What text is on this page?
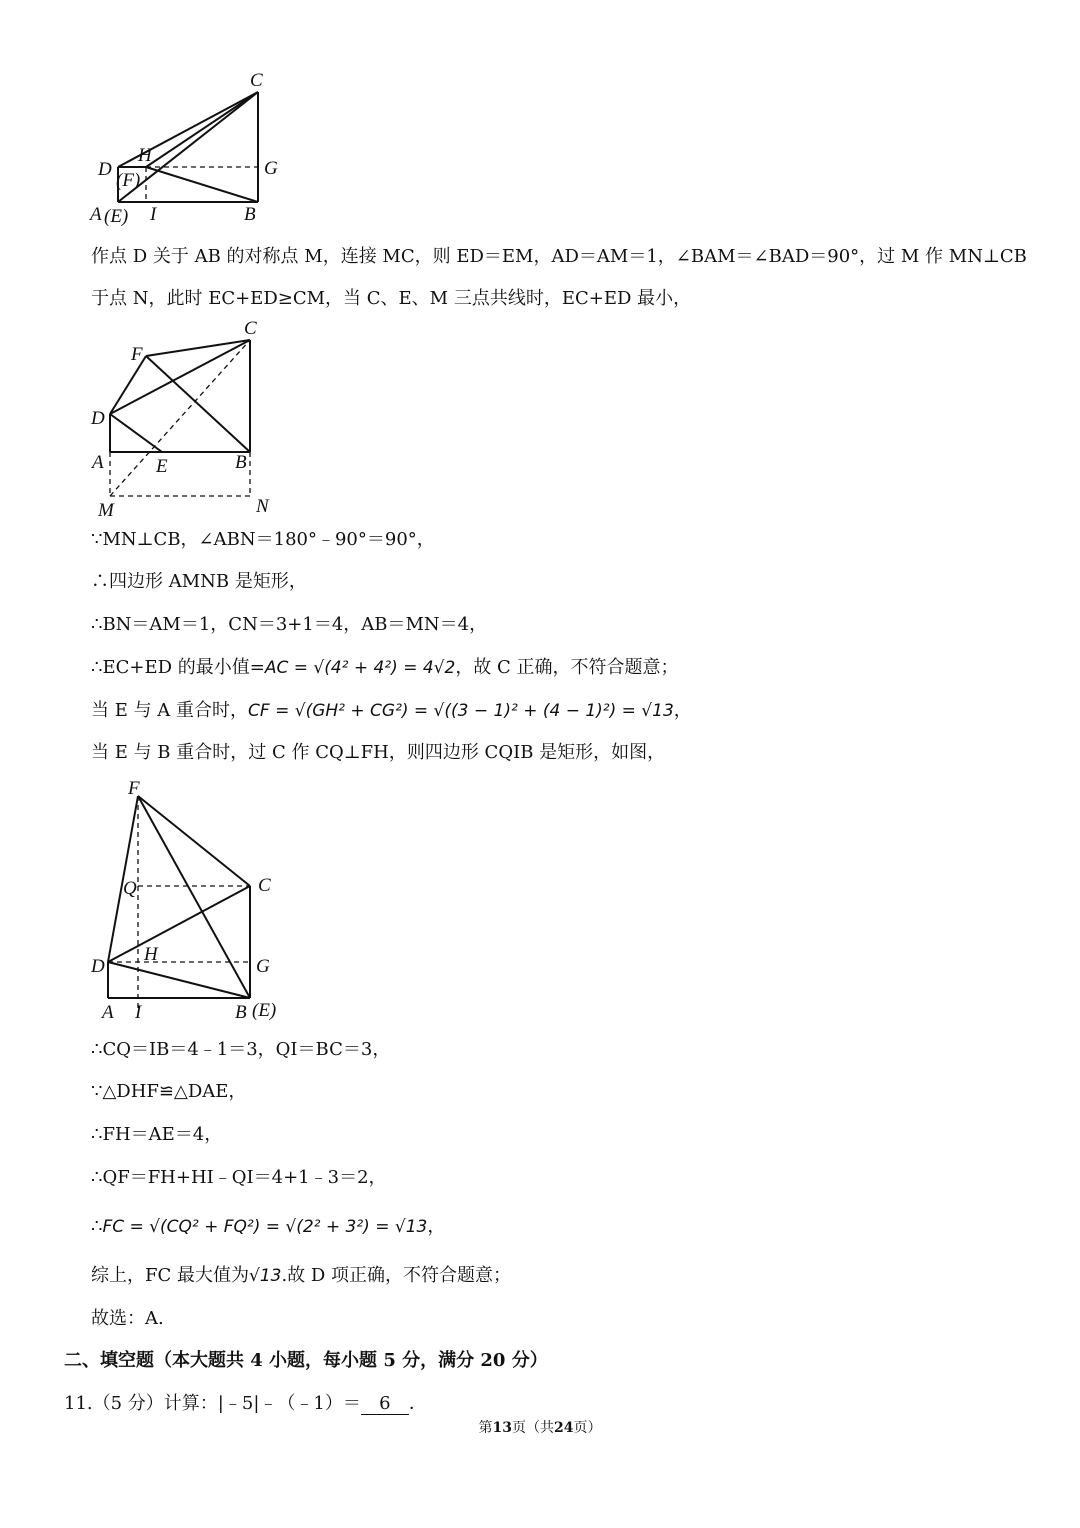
C
D
H
G
(F)
A (E) I	B
作点 D 关于 AB 的对称点 M，连接 MC，则 ED＝EM，AD＝AM＝1，∠BAM＝∠BAD＝90°，过 M 作 MN⊥CB
于点 N，此时 EC+ED≥CM，当 C、E、M 三点共线时，EC+ED 最小，
C
F
D
A	E	B
M	N
∵MN⊥CB，∠ABN＝180°﹣90°＝90°，
∴四边形 AMNB 是矩形，
∴BN＝AM＝1，CN＝3+1＝4，AB＝MN＝4，
∴EC+ED 的最小值=AC = √(4² + 4²) = 4√2，故 C 正确，不符合题意；
当 E 与 A 重合时，CF = √(GH² + CG²) = √((3 − 1)² + (4 − 1)²) = √13，
当 E 与 B 重合时，过 C 作 CQ⊥FH，则四边形 CQIB 是矩形，如图，
F
Q	C
H
D	G
A I	B (E)
∴CQ＝IB＝4﹣1＝3，QI＝BC＝3，
∵△DHF≌△DAE，
∴FH＝AE＝4，
∴QF＝FH+HI﹣QI＝4+1﹣3＝2，
∴FC = √(CQ² + FQ²) = √(2² + 3²) = √13，
综上，FC 最大值为√13.故 D 项正确，不符合题意；
故选：A.
二、填空题（本大题共 4 小题，每小题 5 分，满分 20 分）
11.（5 分）计算：|﹣5|﹣（﹣1）＝ 6 ．
第13页（共24页）
